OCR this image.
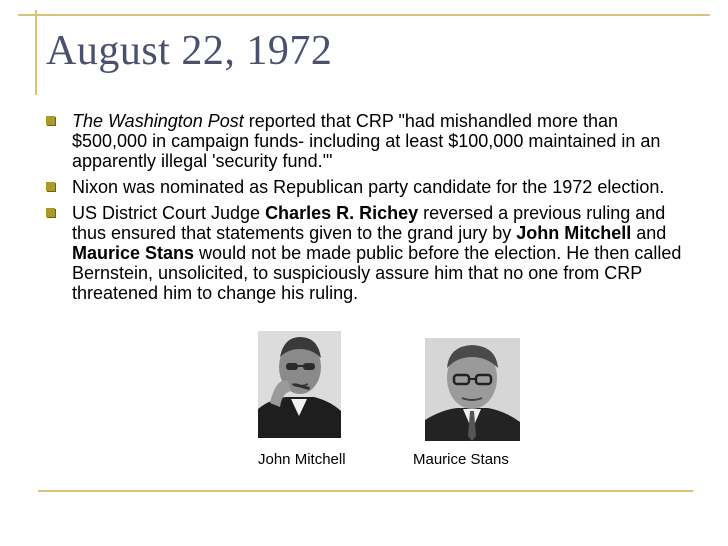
August 22, 1972
The Washington Post reported that CRP "had mishandled more than $500,000 in campaign funds- including at least $100,000 maintained in an apparently illegal 'security fund.'"
Nixon was nominated as Republican party candidate for the 1972 election.
US District Court Judge Charles R. Richey reversed a previous ruling and thus ensured that statements given to the grand jury by John Mitchell and Maurice Stans would not be made public before the election. He then called Bernstein, unsolicited, to suspiciously assure him that no one from CRP threatened him to change his ruling.
John Mitchell	Maurice Stans
